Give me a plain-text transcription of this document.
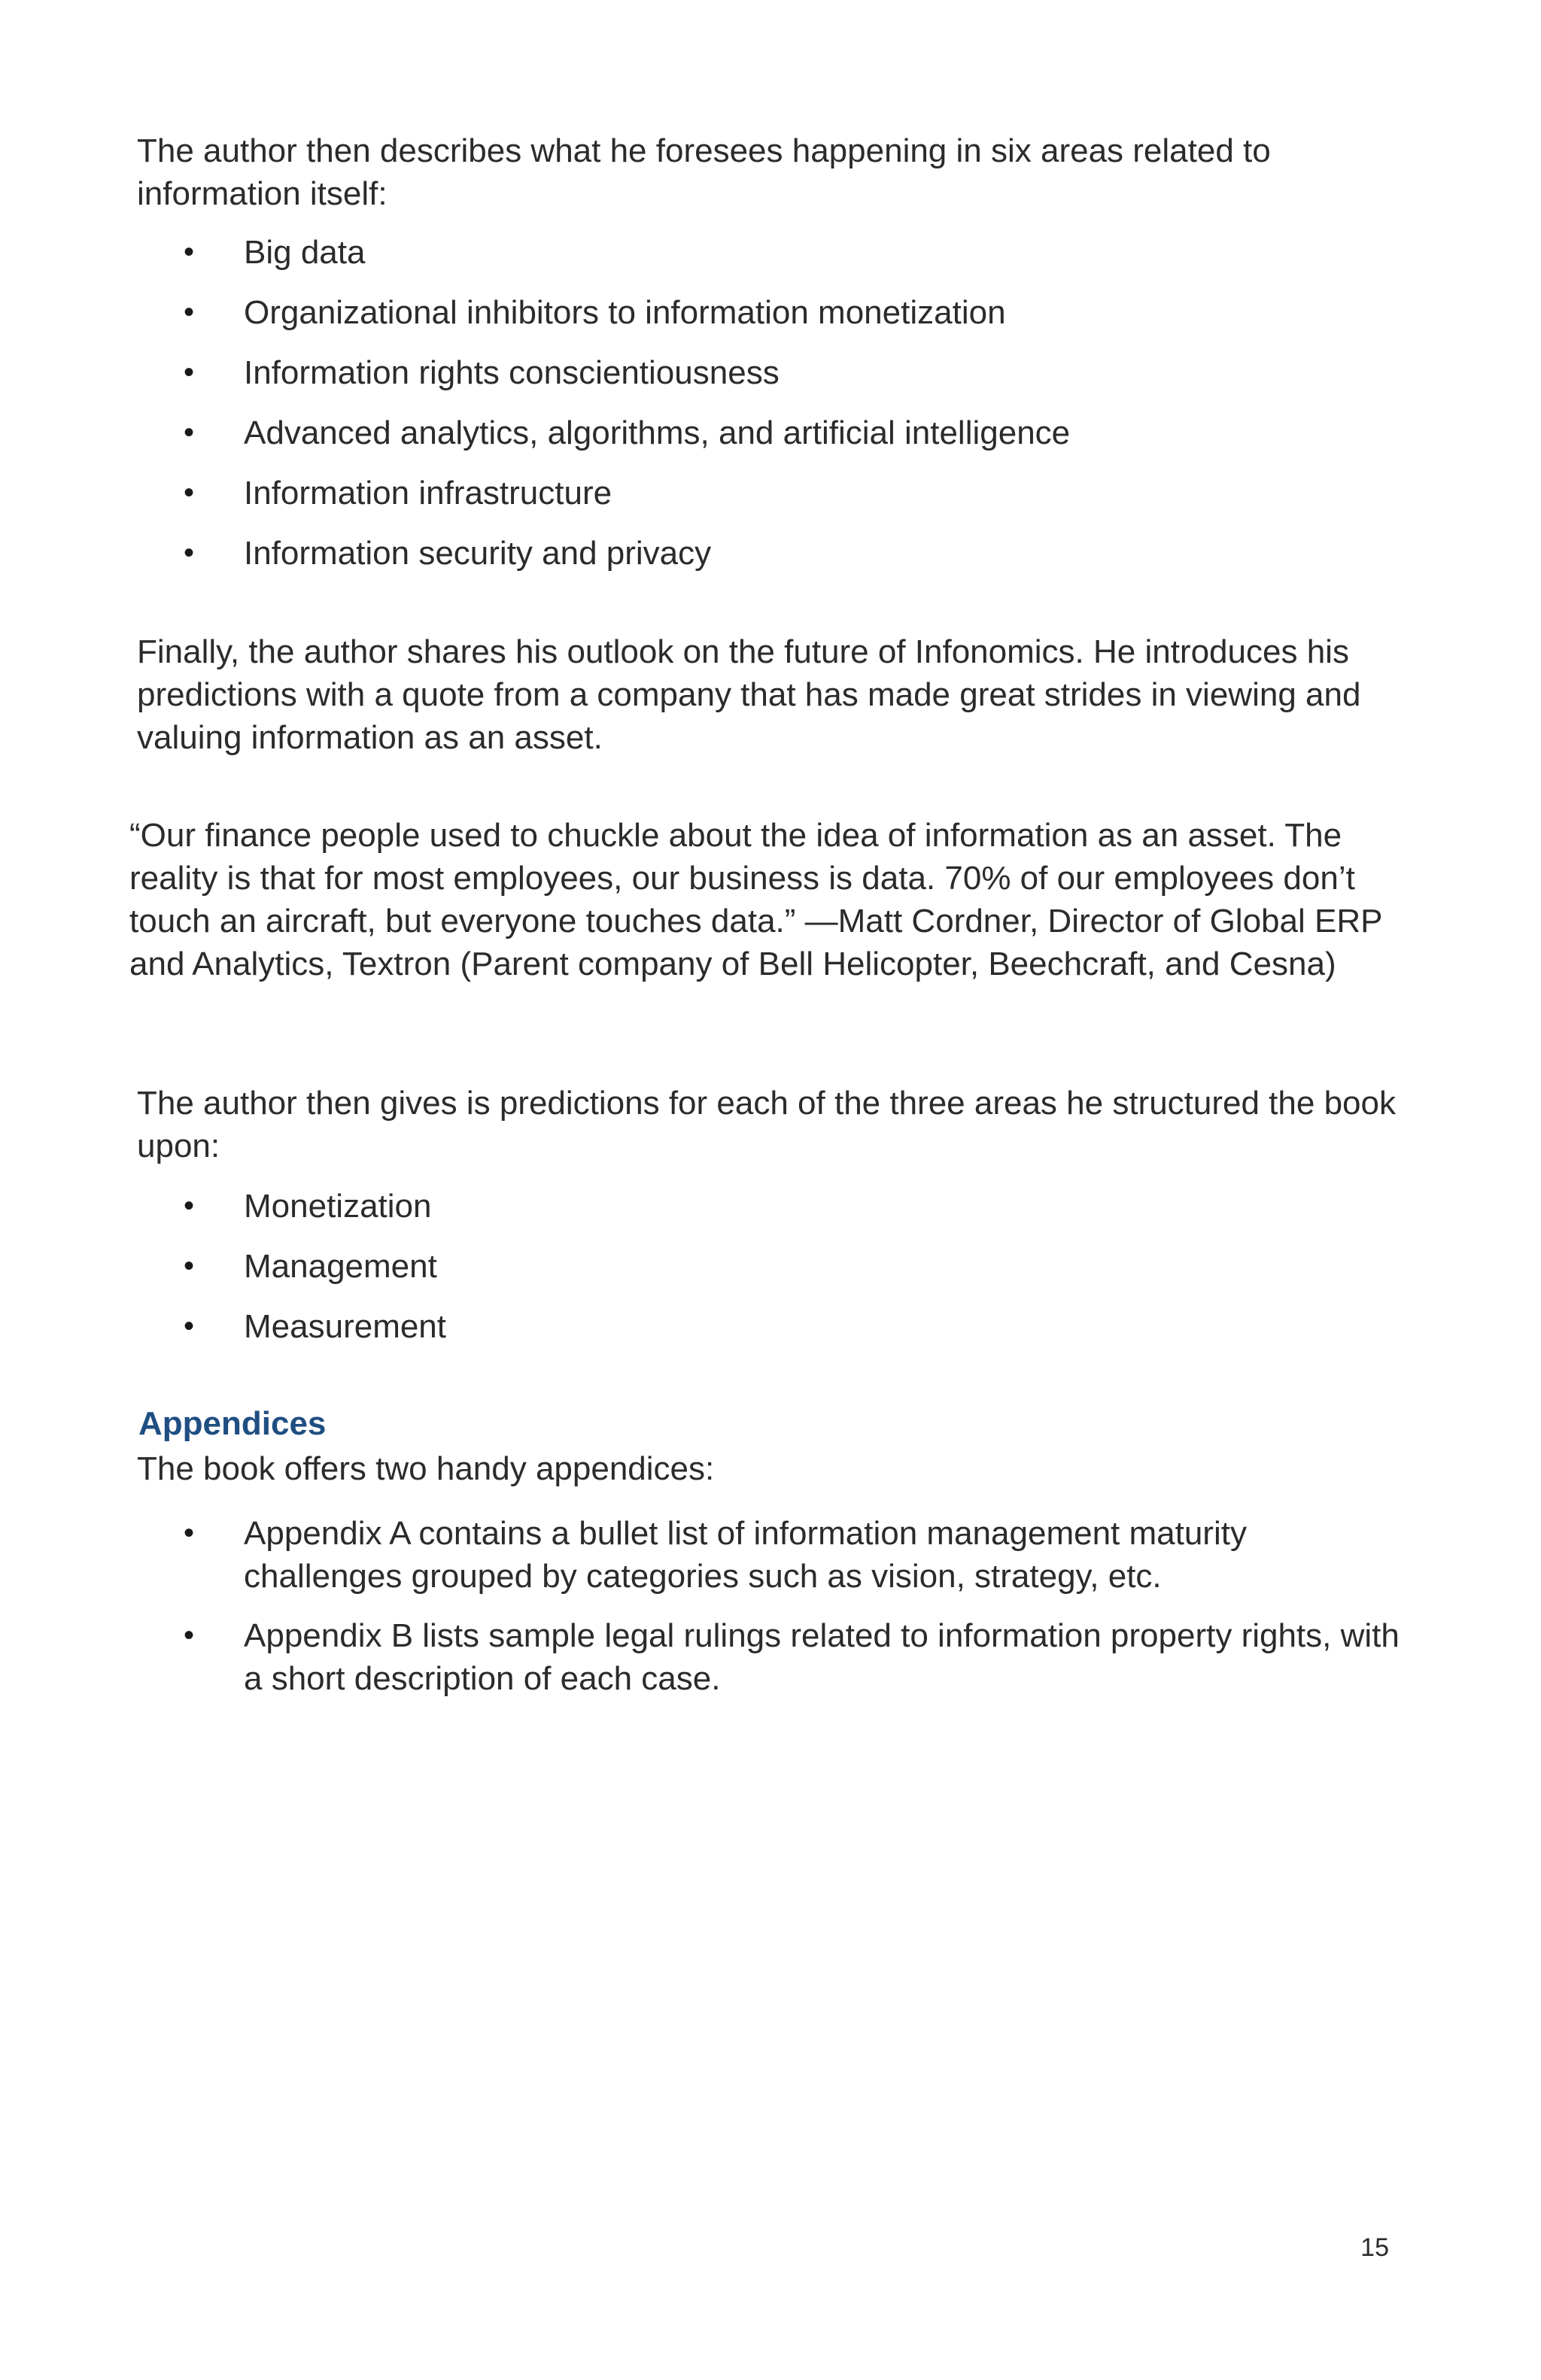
The author then describes what he foresees happening in six areas related to information itself:

• Big data
• Organizational inhibitors to information monetization
• Information rights conscientiousness
• Advanced analytics, algorithms, and artificial intelligence
• Information infrastructure
• Information security and privacy

Finally, the author shares his outlook on the future of Infonomics. He introduces his predictions with a quote from a company that has made great strides in viewing and valuing information as an asset.

“Our finance people used to chuckle about the idea of information as an asset. The reality is that for most employees, our business is data. 70% of our employees don’t touch an aircraft, but everyone touches data.” —Matt Cordner, Director of Global ERP and Analytics, Textron (Parent company of Bell Helicopter, Beechcraft, and Cesna)

The author then gives is predictions for each of the three areas he structured the book upon:

• Monetization
• Management
• Measurement
Appendices

The book offers two handy appendices:

• Appendix A contains a bullet list of information management maturity challenges grouped by categories such as vision, strategy, etc.
• Appendix B lists sample legal rulings related to information property rights, with a short description of each case.
15
